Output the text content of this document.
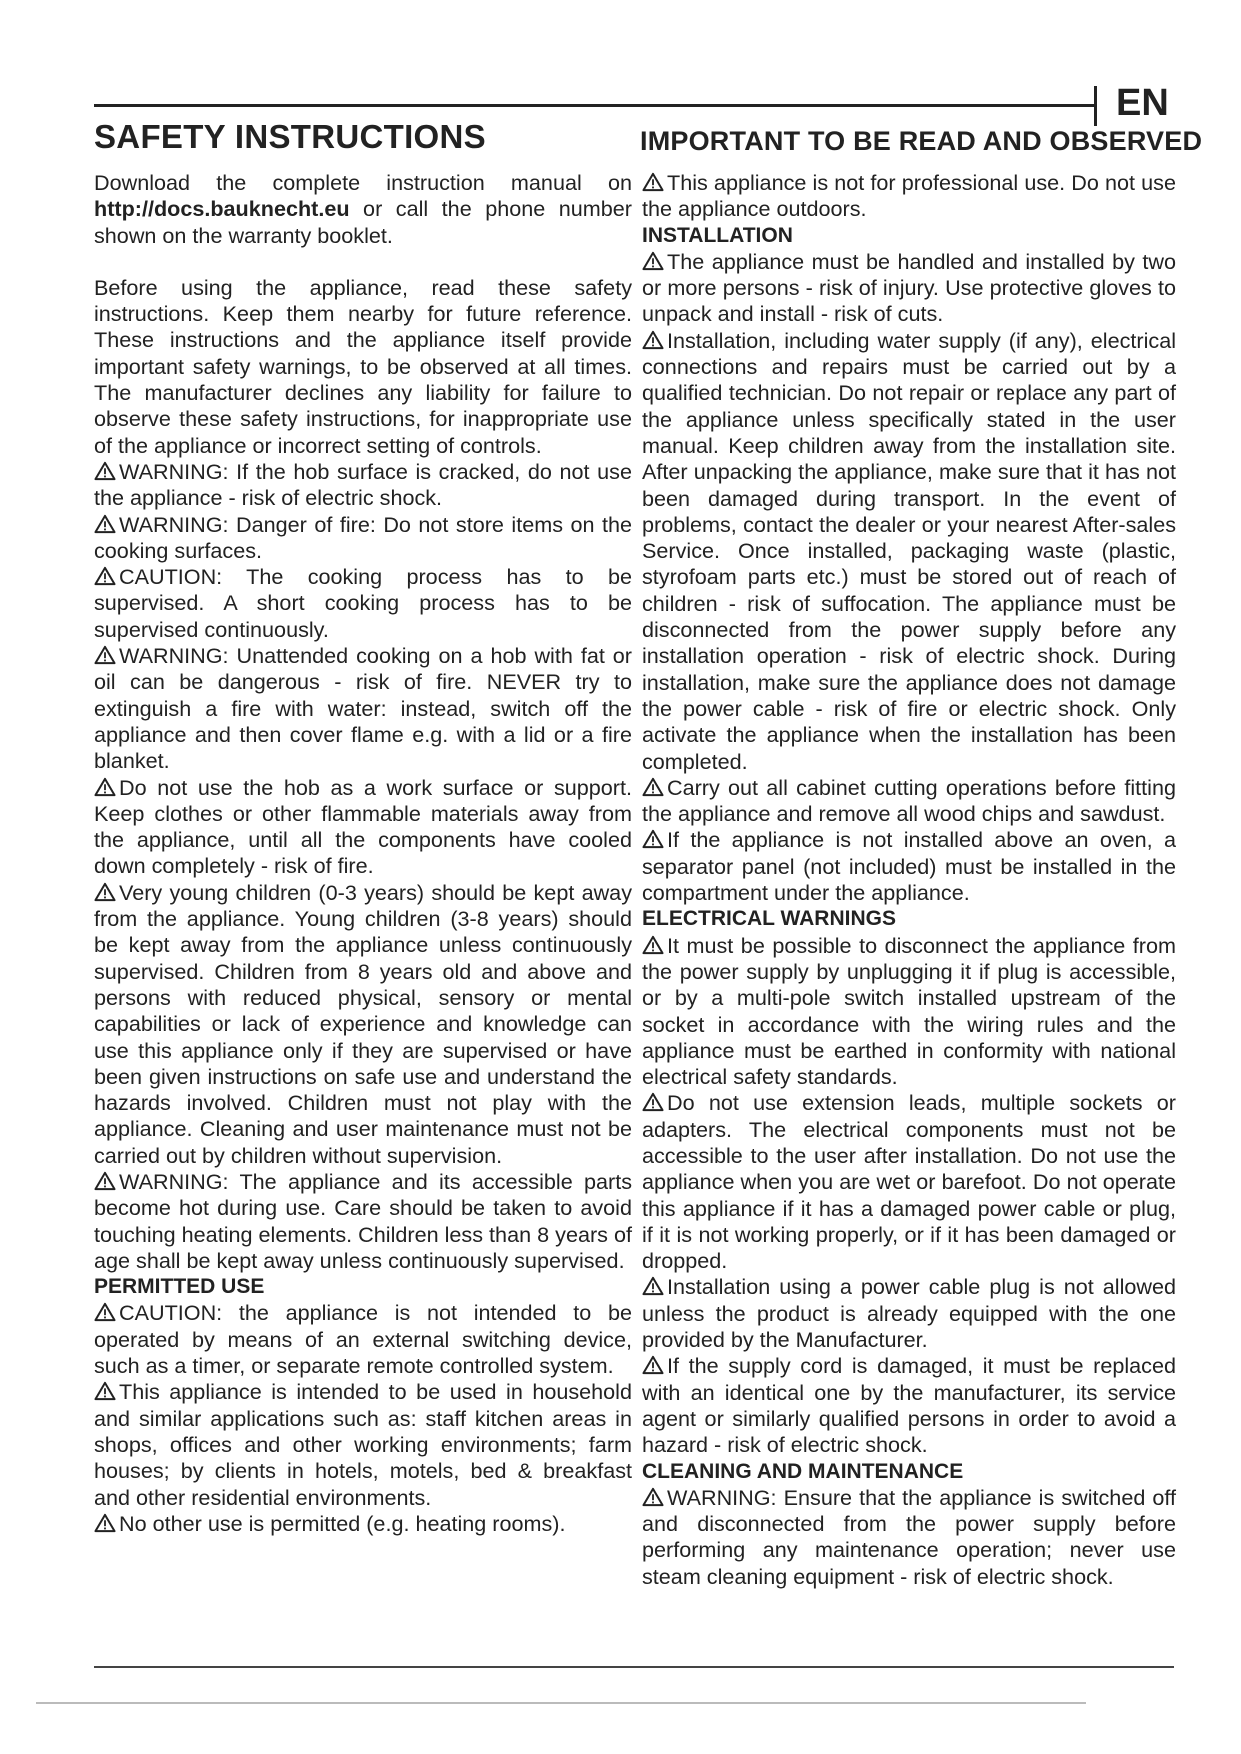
EN
SAFETY INSTRUCTIONS	IMPORTANT TO BE READ AND OBSERVED

Download the complete instruction manual on http://docs.bauknecht.eu or call the phone number shown on the warranty booklet.

Before using the appliance, read these safety instructions. Keep them nearby for future reference. These instructions and the appliance itself provide important safety warnings, to be observed at all times. The manufacturer declines any liability for failure to observe these safety instructions, for inappropriate use of the appliance or incorrect setting of controls.

WARNING: If the hob surface is cracked, do not use the appliance - risk of electric shock.

WARNING: Danger of fire: Do not store items on the cooking surfaces.

CAUTION: The cooking process has to be supervised. A short cooking process has to be supervised continuously.

WARNING: Unattended cooking on a hob with fat or oil can be dangerous - risk of fire. NEVER try to extinguish a fire with water: instead, switch off the appliance and then cover flame e.g. with a lid or a fire blanket.

Do not use the hob as a work surface or support. Keep clothes or other flammable materials away from the appliance, until all the components have cooled down completely - risk of fire.

Very young children (0-3 years) should be kept away from the appliance. Young children (3-8 years) should be kept away from the appliance unless continuously supervised. Children from 8 years old and above and persons with reduced physical, sensory or mental capabilities or lack of experience and knowledge can use this appliance only if they are supervised or have been given instructions on safe use and understand the hazards involved. Children must not play with the appliance. Cleaning and user maintenance must not be carried out by children without supervision.

WARNING: The appliance and its accessible parts become hot during use. Care should be taken to avoid touching heating elements. Children less than 8 years of age shall be kept away unless continuously supervised.

PERMITTED USE

CAUTION: the appliance is not intended to be operated by means of an external switching device, such as a timer, or separate remote controlled system.

This appliance is intended to be used in household and similar applications such as: staff kitchen areas in shops, offices and other working environments; farm houses; by clients in hotels, motels, bed & breakfast and other residential environments.

No other use is permitted (e.g. heating rooms).

This appliance is not for professional use. Do not use the appliance outdoors.

INSTALLATION

The appliance must be handled and installed by two or more persons - risk of injury. Use protective gloves to unpack and install - risk of cuts.

Installation, including water supply (if any), electrical connections and repairs must be carried out by a qualified technician. Do not repair or replace any part of the appliance unless specifically stated in the user manual. Keep children away from the installation site. After unpacking the appliance, make sure that it has not been damaged during transport. In the event of problems, contact the dealer or your nearest After-sales Service. Once installed, packaging waste (plastic, styrofoam parts etc.) must be stored out of reach of children - risk of suffocation. The appliance must be disconnected from the power supply before any installation operation - risk of electric shock. During installation, make sure the appliance does not damage the power cable - risk of fire or electric shock. Only activate the appliance when the installation has been completed.

Carry out all cabinet cutting operations before fitting the appliance and remove all wood chips and sawdust.

If the appliance is not installed above an oven, a separator panel (not included) must be installed in the compartment under the appliance.

ELECTRICAL WARNINGS

It must be possible to disconnect the appliance from the power supply by unplugging it if plug is accessible, or by a multi-pole switch installed upstream of the socket in accordance with the wiring rules and the appliance must be earthed in conformity with national electrical safety standards.

Do not use extension leads, multiple sockets or adapters. The electrical components must not be accessible to the user after installation. Do not use the appliance when you are wet or barefoot. Do not operate this appliance if it has a damaged power cable or plug, if it is not working properly, or if it has been damaged or dropped.

Installation using a power cable plug is not allowed unless the product is already equipped with the one provided by the Manufacturer.

If the supply cord is damaged, it must be replaced with an identical one by the manufacturer, its service agent or similarly qualified persons in order to avoid a hazard - risk of electric shock.

CLEANING AND MAINTENANCE

WARNING: Ensure that the appliance is switched off and disconnected from the power supply before performing any maintenance operation; never use steam cleaning equipment - risk of electric shock.
